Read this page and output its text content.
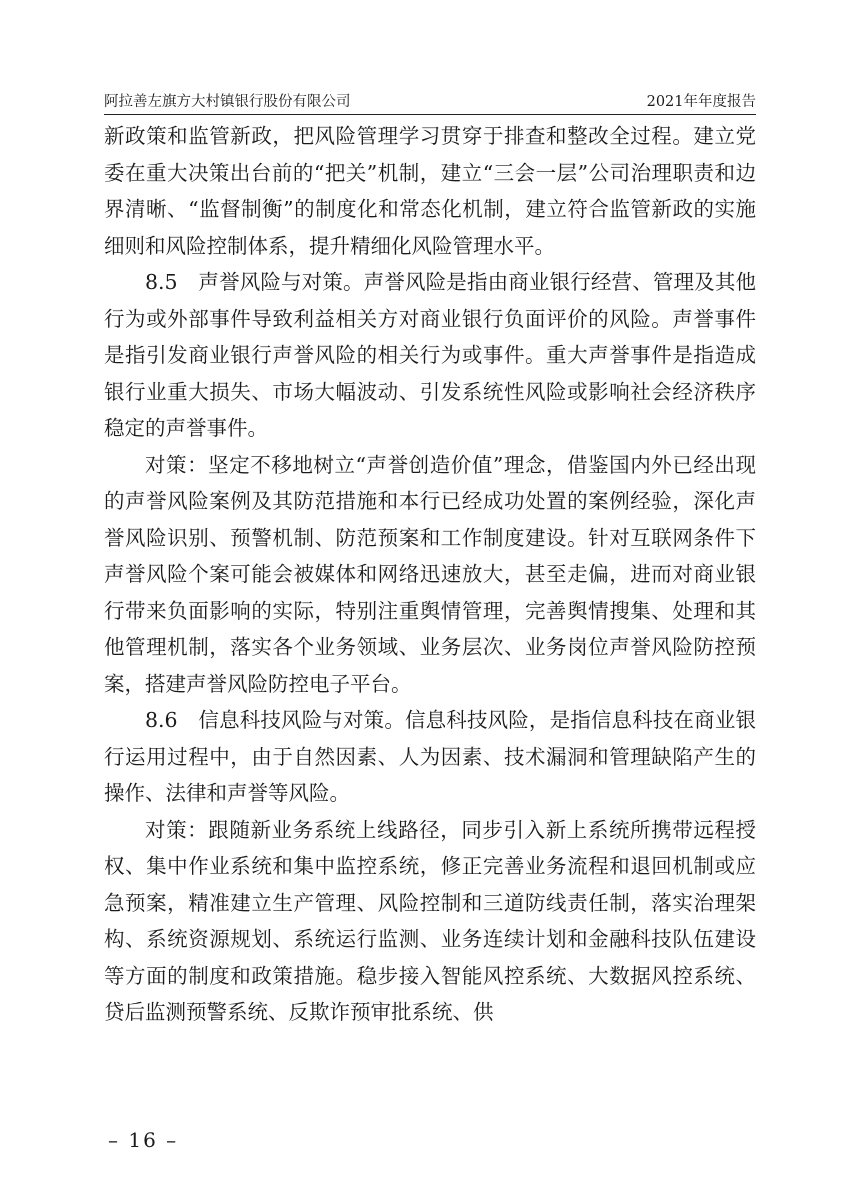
阿拉善左旗方大村镇银行股份有限公司	2021年年度报告

新政策和监管新政，把风险管理学习贯穿于排查和整改全过程。建立党委在重大决策出台前的“把关”机制，建立“三会一层”公司治理职责和边界清晰、“监督制衡”的制度化和常态化机制，建立符合监管新政的实施细则和风险控制体系，提升精细化风险管理水平。

8.5　声誉风险与对策。声誉风险是指由商业银行经营、管理及其他行为或外部事件导致利益相关方对商业银行负面评价的风险。声誉事件是指引发商业银行声誉风险的相关行为或事件。重大声誉事件是指造成银行业重大损失、市场大幅波动、引发系统性风险或影响社会经济秩序稳定的声誉事件。

对策：坚定不移地树立“声誉创造价值”理念，借鉴国内外已经出现的声誉风险案例及其防范措施和本行已经成功处置的案例经验，深化声誉风险识别、预警机制、防范预案和工作制度建设。针对互联网条件下声誉风险个案可能会被媒体和网络迅速放大，甚至走偏，进而对商业银行带来负面影响的实际，特别注重舆情管理，完善舆情搜集、处理和其他管理机制，落实各个业务领域、业务层次、业务岗位声誉风险防控预案，搭建声誉风险防控电子平台。

8.6　信息科技风险与对策。信息科技风险，是指信息科技在商业银行运用过程中，由于自然因素、人为因素、技术漏洞和管理缺陷产生的操作、法律和声誉等风险。

对策：跟随新业务系统上线路径，同步引入新上系统所携带远程授权、集中作业系统和集中监控系统，修正完善业务流程和退回机制或应急预案，精准建立生产管理、风险控制和三道防线责任制，落实治理架构、系统资源规划、系统运行监测、业务连续计划和金融科技队伍建设等方面的制度和政策措施。稳步接入智能风控系统、大数据风控系统、贷后监测预警系统、反欺诈预审批系统、供

– 16 –
